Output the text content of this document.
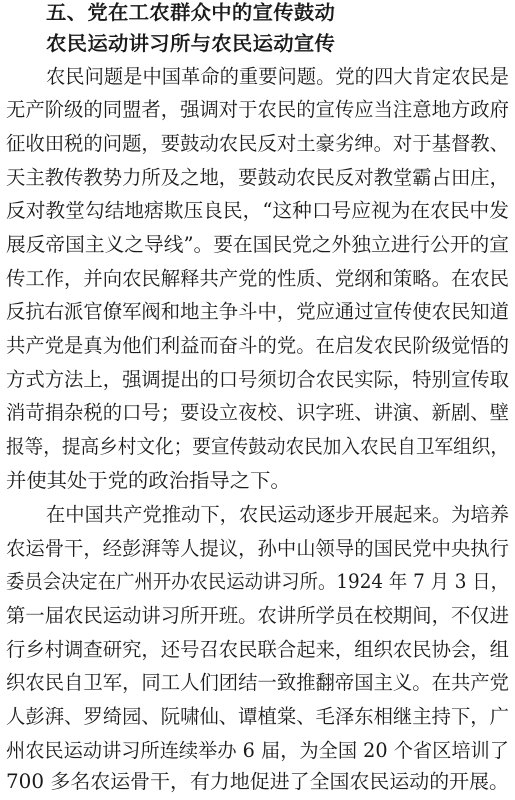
五、党在工农群众中的宣传鼓动
农民运动讲习所与农民运动宣传
农民问题是中国革命的重要问题。党的四大肯定农民是
无产阶级的同盟者，强调对于农民的宣传应当注意地方政府
征收田税的问题，要鼓动农民反对土豪劣绅。对于基督教、
天主教传教势力所及之地，要鼓动农民反对教堂霸占田庄，
反对教堂勾结地痞欺压良民，“这种口号应视为在农民中发
展反帝国主义之导线”。要在国民党之外独立进行公开的宣
传工作，并向农民解释共产党的性质、党纲和策略。在农民
反抗右派官僚军阀和地主争斗中，党应通过宣传使农民知道
共产党是真为他们利益而奋斗的党。在启发农民阶级觉悟的
方式方法上，强调提出的口号须切合农民实际，特别宣传取
消苛捐杂税的口号；要设立夜校、识字班、讲演、新剧、壁
报等，提高乡村文化；要宣传鼓动农民加入农民自卫军组织，
并使其处于党的政治指导之下。
在中国共产党推动下，农民运动逐步开展起来。为培养
农运骨干，经彭湃等人提议，孙中山领导的国民党中央执行
委员会决定在广州开办农民运动讲习所。1924 年 7 月 3 日，
第一届农民运动讲习所开班。农讲所学员在校期间，不仅进
行乡村调查研究，还号召农民联合起来，组织农民协会，组
织农民自卫军，同工人们团结一致推翻帝国主义。在共产党
人彭湃、罗绮园、阮啸仙、谭植棠、毛泽东相继主持下，广
州农民运动讲习所连续举办 6 届，为全国 20 个省区培训了
700 多名农运骨干，有力地促进了全国农民运动的开展。
